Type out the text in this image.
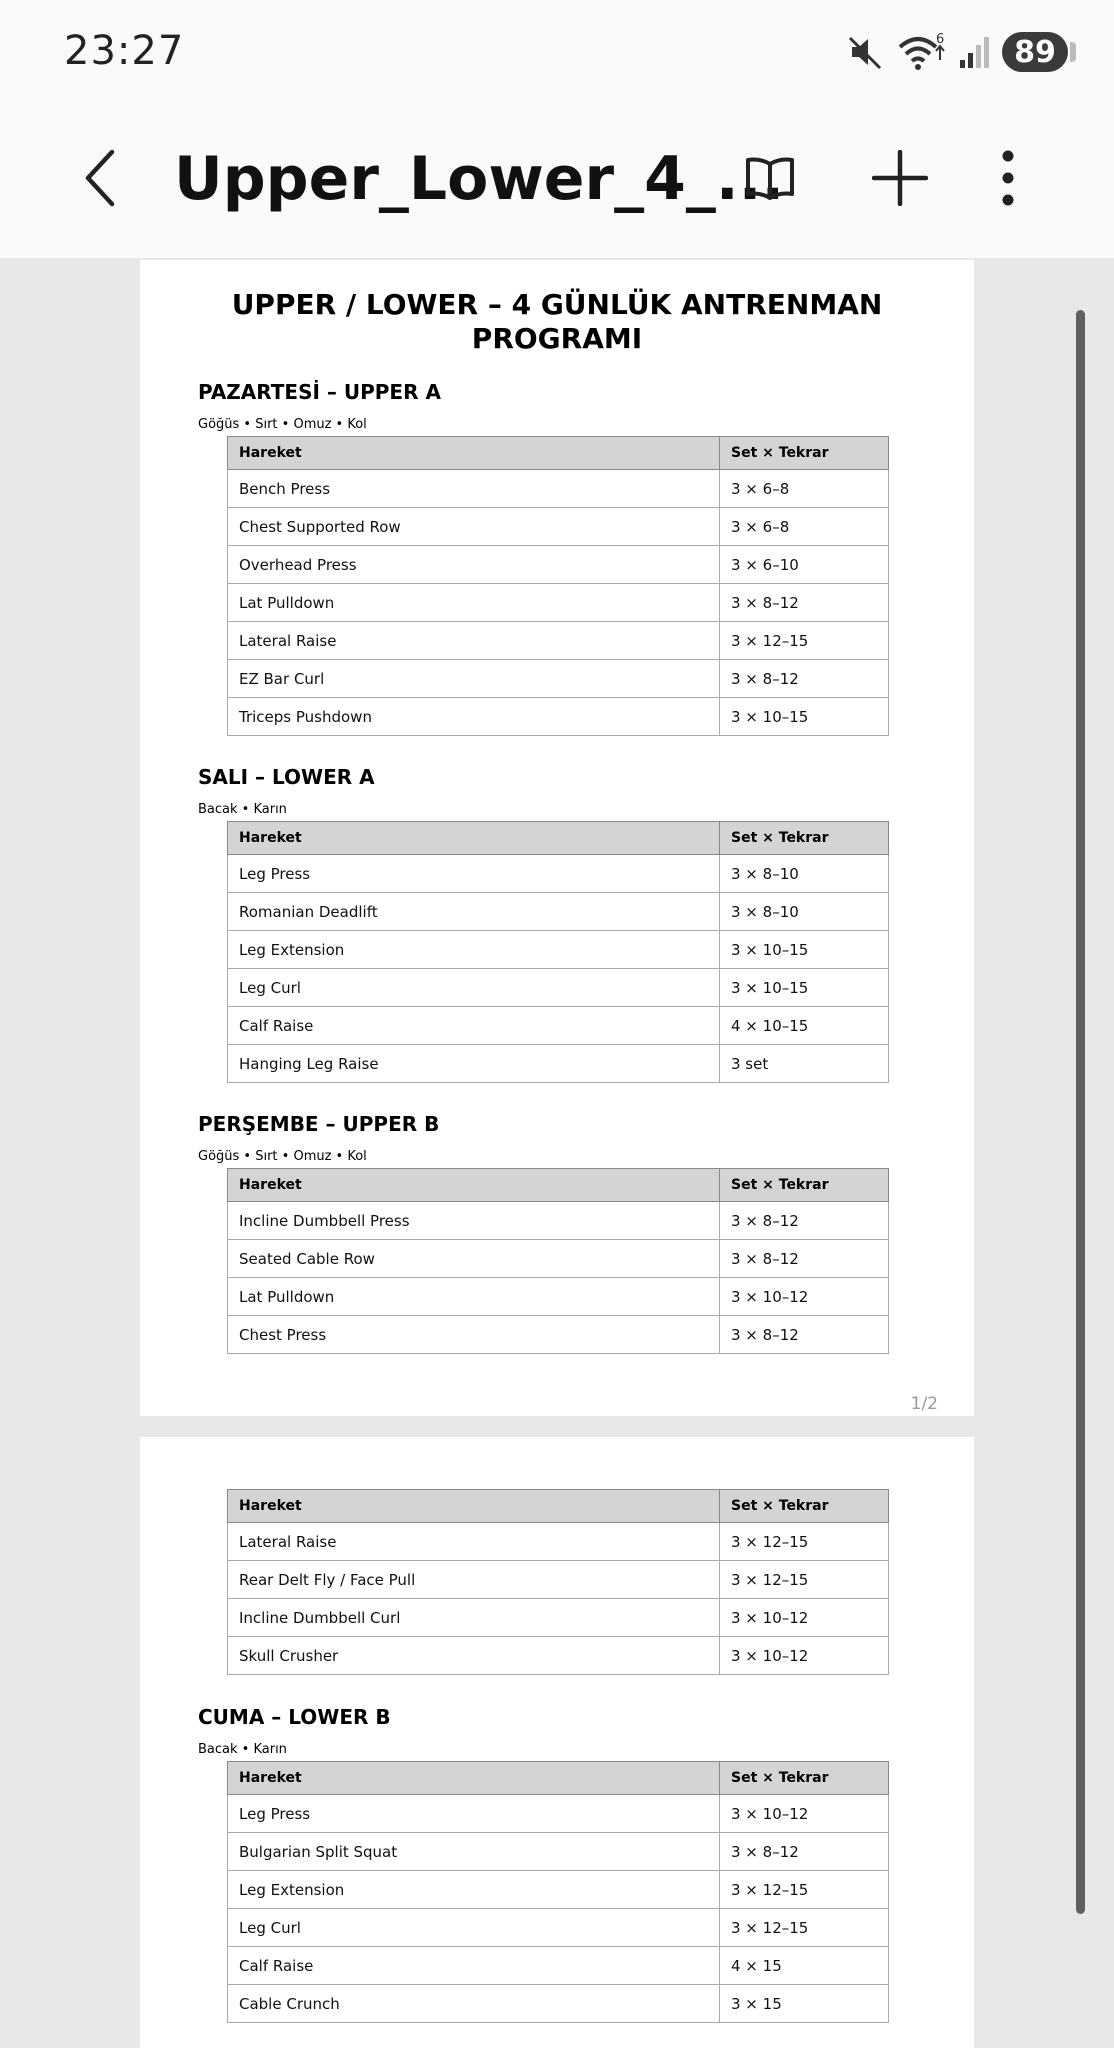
23:27	6	89
Upper_Lower_4_...
UPPER / LOWER – 4 GÜNLÜK ANTRENMAN
PROGRAMI
PAZARTESİ – UPPER A
Göğüs • Sırt • Omuz • Kol
Hareket	Set × Tekrar
Bench Press	3 × 6–8
Chest Supported Row	3 × 6–8
Overhead Press	3 × 6–10
Lat Pulldown	3 × 8–12
Lateral Raise	3 × 12–15
EZ Bar Curl	3 × 8–12
Triceps Pushdown	3 × 10–15
SALI – LOWER A
Bacak • Karın
Hareket	Set × Tekrar
Leg Press	3 × 8–10
Romanian Deadlift	3 × 8–10
Leg Extension	3 × 10–15
Leg Curl	3 × 10–15
Calf Raise	4 × 10–15
Hanging Leg Raise	3 set
PERŞEMBE – UPPER B
Göğüs • Sırt • Omuz • Kol
Hareket	Set × Tekrar
Incline Dumbbell Press	3 × 8–12
Seated Cable Row	3 × 8–12
Lat Pulldown	3 × 10–12
Chest Press	3 × 8–12
1/2
Hareket	Set × Tekrar
Lateral Raise	3 × 12–15
Rear Delt Fly / Face Pull	3 × 12–15
Incline Dumbbell Curl	3 × 10–12
Skull Crusher	3 × 10–12
CUMA – LOWER B
Bacak • Karın
Hareket	Set × Tekrar
Leg Press	3 × 10–12
Bulgarian Split Squat	3 × 8–12
Leg Extension	3 × 12–15
Leg Curl	3 × 12–15
Calf Raise	4 × 15
Cable Crunch	3 × 15
